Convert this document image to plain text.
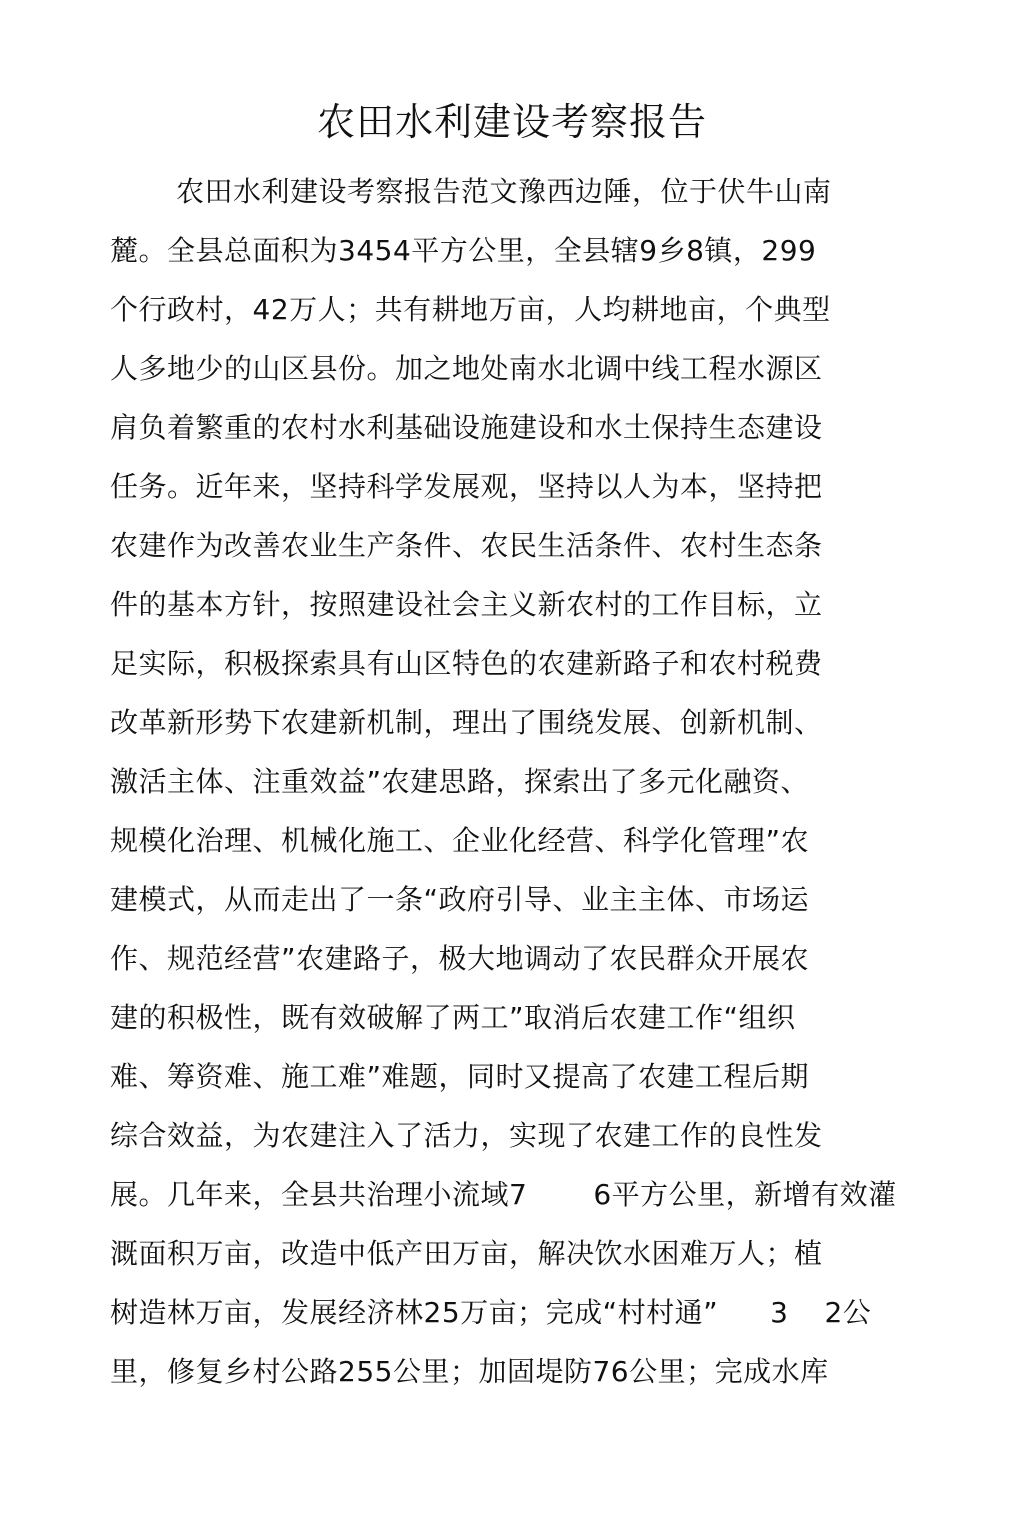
农田水利建设考察报告
农田水利建设考察报告范文豫西边陲，位于伏牛山南
麓。全县总面积为3454平方公里，全县辖9乡8镇，299
个行政村，42万人；共有耕地万亩，人均耕地亩，个典型
人多地少的山区县份。加之地处南水北调中线工程水源区
肩负着繁重的农村水利基础设施建设和水土保持生态建设
任务。近年来，坚持科学发展观，坚持以人为本，坚持把
农建作为改善农业生产条件、农民生活条件、农村生态条
件的基本方针，按照建设社会主义新农村的工作目标，立
足实际，积极探索具有山区特色的农建新路子和农村税费
改革新形势下农建新机制，理出了围绕发展、创新机制、
激活主体、注重效益”农建思路，探索出了多元化融资、
规模化治理、机械化施工、企业化经营、科学化管理”农
建模式，从而走出了一条“政府引导、业主主体、市场运
作、规范经营”农建路子，极大地调动了农民群众开展农
建的积极性，既有效破解了两工”取消后农建工作“组织
难、筹资难、施工难”难题，同时又提高了农建工程后期
综合效益，为农建注入了活力，实现了农建工作的良性发
展。几年来，全县共治理小流域7 6平方公里，新增有效灌
溉面积万亩，改造中低产田万亩，解决饮水困难万人；植
树造林万亩，发展经济林25万亩；完成“村村通” 3 2公
里，修复乡村公路255公里；加固堤防76公里；完成水库
